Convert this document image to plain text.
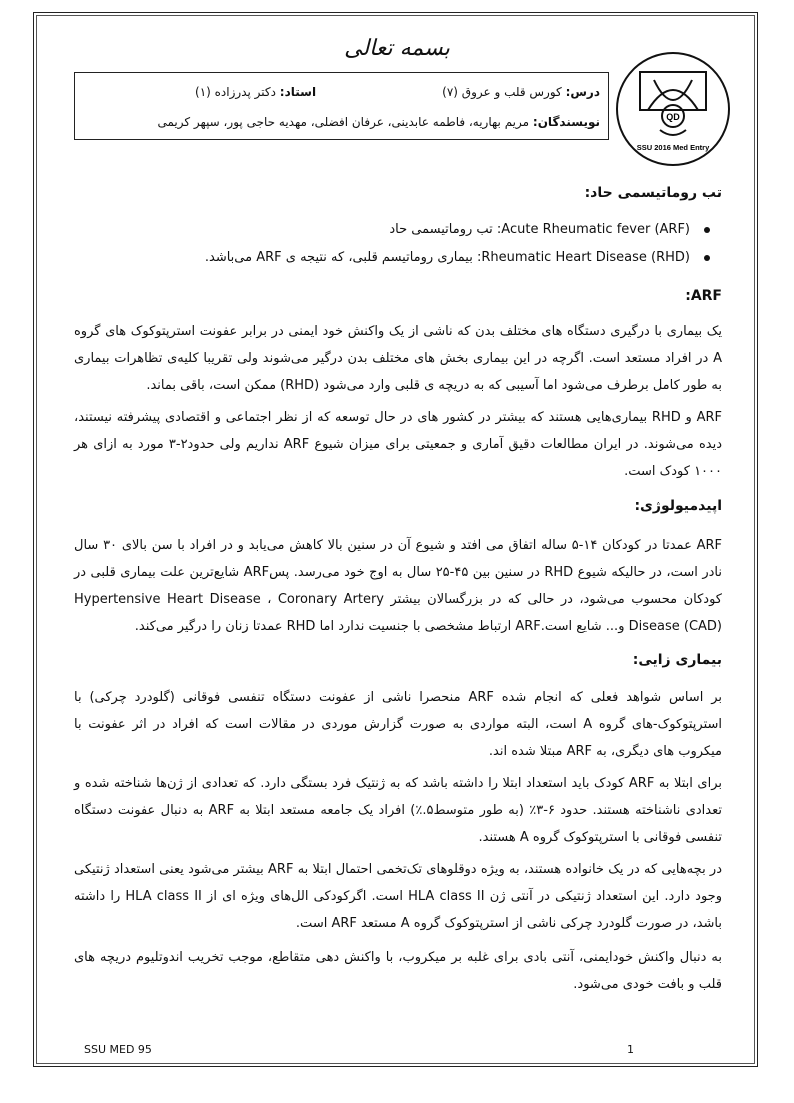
بسمه تعالی
درس: کورس قلب و عروق (۷)
استاد: دکتر پدرزاده (۱)
نویسندگان: مریم بهاریه، فاطمه عابدینی، عرفان افضلی، مهدیه حاجی پور، سپهر کریمی	QD
SSU 2016 Med Entry
تب روماتیسمی حاد:
Acute Rheumatic fever (ARF): تب روماتیسمی حاد
Rheumatic Heart Disease (RHD): بیماری روماتیسم قلبی، که نتیجه ی ARF می‌باشد.
ARF:

یک بیماری با درگیری دستگاه های مختلف بدن که ناشی از یک واکنش خود ایمنی در برابر عفونت استرپتوکوک های گروه A در افراد مستعد است. اگرچه در این بیماری بخش های مختلف بدن درگیر می‌شوند ولی تقریبا کلیه‌ی تظاهرات بیماری به طور کامل برطرف می‌شود اما آسیبی که به دریچه ی قلبی وارد می‌شود (RHD) ممکن است، باقی بماند.

ARF و RHD بیماری‌هایی هستند که بیشتر در کشور های در حال توسعه که از نظر اجتماعی و اقتصادی پیشرفته نیستند، دیده می‌شوند. در ایران مطالعات دقیق آماری و جمعیتی برای میزان شیوع ARF نداریم ولی حدود۲-۳ مورد به ازای هر ۱۰۰۰ کودک است.

اپیدمیولوژی:

ARF عمدتا در کودکان ۱۴-۵ ساله اتفاق می افتد و شیوع آن در سنین بالا کاهش می‌یابد و در افراد با سن بالای ۳۰ سال نادر است، در حالیکه شیوع RHD در سنین بین ۴۵-۲۵ سال به اوج خود می‌رسد. پسARF شایع‌ترین علت بیماری قلبی در کودکان محسوب می‌شود، در حالی که در بزرگسالان بیشتر Hypertensive Heart Disease ، Coronary Artery Disease (CAD) و... شایع است.ARF ارتباط مشخصی با جنسیت ندارد اما RHD عمدتا زنان را درگیر می‌کند.

بیماری زایی:

بر اساس شواهد فعلی که انجام شده ARF منحصرا ناشی از عفونت دستگاه تنفسی فوقانی (گلودرد چرکی) با استرپتوکوک-های گروه A است، البته مواردی به صورت گزارش موردی در مقالات است که افراد در اثر عفونت با میکروب های دیگری، به ARF مبتلا شده اند.

برای ابتلا به ARF کودک باید استعداد ابتلا را داشته باشد که به ژنتیک فرد بستگی دارد. که تعدادی از ژن‌ها شناخته شده و تعدادی ناشناخته هستند. حدود ۶-۳٪ (به طور متوسط۵.٪) افراد یک جامعه مستعد ابتلا به ARF به دنبال عفونت دستگاه تنفسی فوقانی با استرپتوکوک گروه A هستند.

در بچه‌هایی که در یک خانواده هستند، به ویژه دوقلوهای تک‌تخمی احتمال ابتلا به ARF بیشتر می‌شود یعنی استعداد ژنتیکی وجود دارد. این استعداد ژنتیکی در آنتی ژن HLA class II است. اگرکودکی الل‌های ویژه ای از HLA class II را داشته باشد، در صورت گلودرد چرکی ناشی از استرپتوکوک گروه A مستعد ARF است.

به دنبال واکنش خودایمنی، آنتی بادی برای غلبه بر میکروب، با واکنش دهی متقاطع، موجب تخریب اندوتلیوم دریچه های قلب و بافت خودی می‌شود.

SSU MED 95	1
